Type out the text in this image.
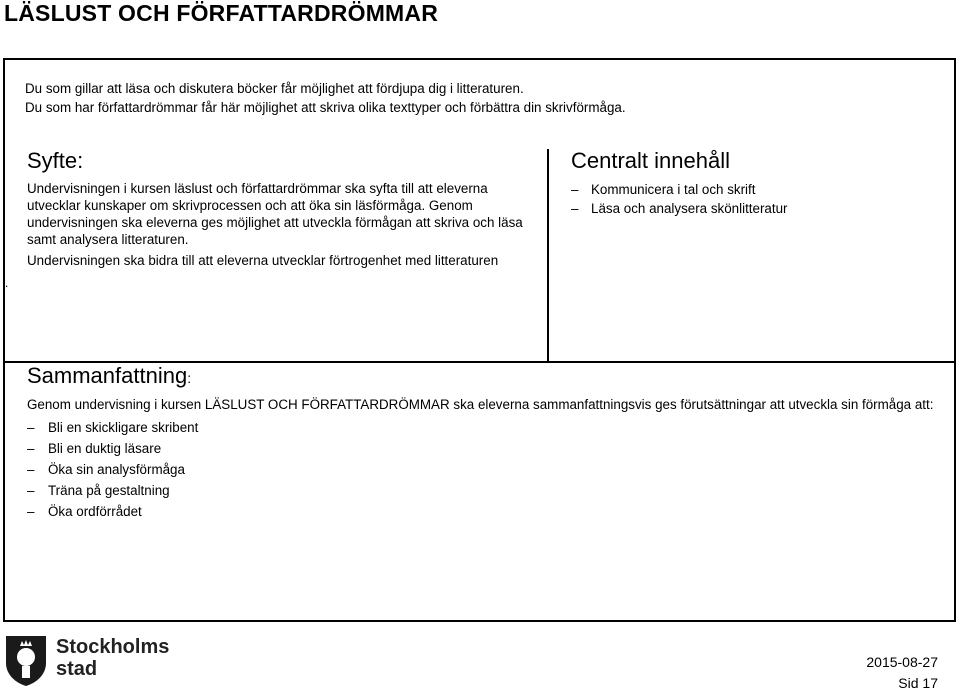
LÄSLUST OCH FÖRFATTARDRÖMMAR

Du som gillar att läsa och diskutera böcker får möjlighet att fördjupa dig i litteraturen.

Du som har författardrömmar får här möjlighet att skriva olika texttyper och förbättra din skrivförmåga.

Syfte:

Undervisningen i kursen läslust och författardrömmar ska syfta till att eleverna utvecklar kunskaper om skrivprocessen och att öka sin läsförmåga. Genom undervisningen ska eleverna ges möjlighet att utveckla förmågan att skriva och läsa samt analysera litteraturen.

Undervisningen ska bidra till att eleverna utvecklar förtrogenhet med litteraturen

.
Centralt innehåll
– Kommunicera i tal och skrift
– Läsa och analysera skönlitteratur
Sammanfattning:

Genom undervisning i kursen LÄSLUST OCH FÖRFATTARDRÖMMAR ska eleverna sammanfattningsvis ges förutsättningar att utveckla sin förmåga att:

– Bli en skickligare skribent
– Bli en duktig läsare
– Öka sin analysförmåga
– Träna på gestaltning
– Öka ordförrådet
Stockholms
stad	2015-08-27
Sid 17
